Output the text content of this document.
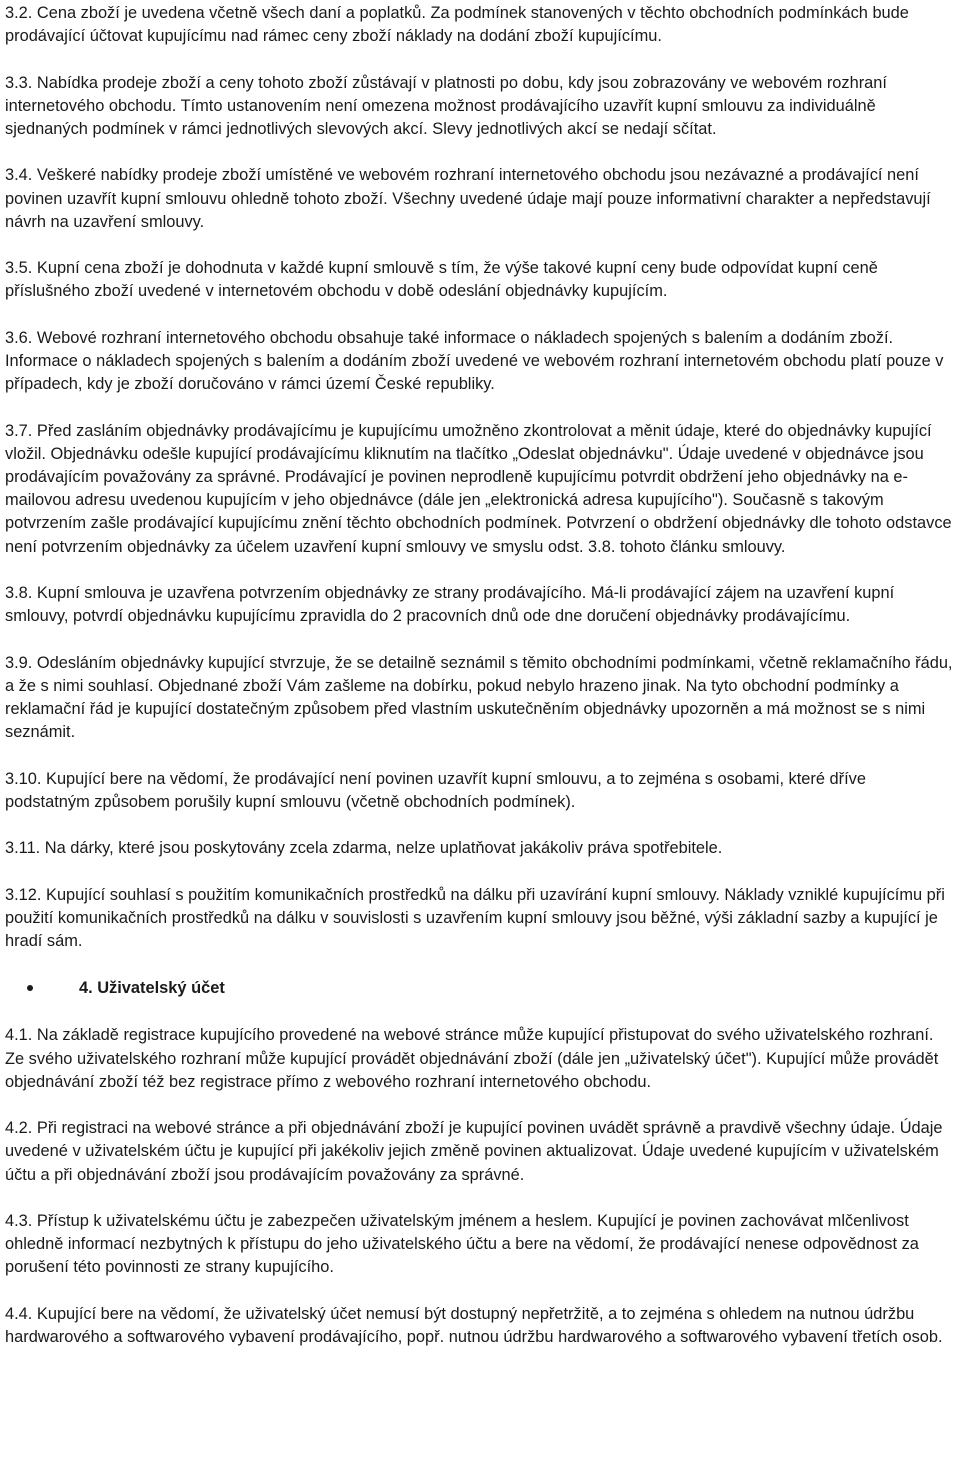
3.2. Cena zboží je uvedena včetně všech daní a poplatků. Za podmínek stanovených v těchto obchodních podmínkách bude prodávající účtovat kupujícímu nad rámec ceny zboží náklady na dodání zboží kupujícímu.

3.3. Nabídka prodeje zboží a ceny tohoto zboží zůstávají v platnosti po dobu, kdy jsou zobrazovány ve webovém rozhraní internetového obchodu. Tímto ustanovením není omezena možnost prodávajícího uzavřít kupní smlouvu za individuálně sjednaných podmínek v rámci jednotlivých slevových akcí. Slevy jednotlivých akcí se nedají sčítat.

3.4. Veškeré nabídky prodeje zboží umístěné ve webovém rozhraní internetového obchodu jsou nezávazné a prodávající není povinen uzavřít kupní smlouvu ohledně tohoto zboží. Všechny uvedené údaje mají pouze informativní charakter a nepředstavují návrh na uzavření smlouvy.

3.5. Kupní cena zboží je dohodnuta v každé kupní smlouvě s tím, že výše takové kupní ceny bude odpovídat kupní ceně příslušného zboží uvedené v internetovém obchodu v době odeslání objednávky kupujícím.

3.6. Webové rozhraní internetového obchodu obsahuje také informace o nákladech spojených s balením a dodáním zboží. Informace o nákladech spojených s balením a dodáním zboží uvedené ve webovém rozhraní internetovém obchodu platí pouze v případech, kdy je zboží doručováno v rámci území České republiky.

3.7. Před zasláním objednávky prodávajícímu je kupujícímu umožněno zkontrolovat a měnit údaje, které do objednávky kupující vložil. Objednávku odešle kupující prodávajícímu kliknutím na tlačítko „Odeslat objednávku". Údaje uvedené v objednávce jsou prodávajícím považovány za správné. Prodávající je povinen neprodleně kupujícímu potvrdit obdržení jeho objednávky na e-mailovou adresu uvedenou kupujícím v jeho objednávce (dále jen „elektronická adresa kupujícího"). Současně s takovým potvrzením zašle prodávající kupujícímu znění těchto obchodních podmínek. Potvrzení o obdržení objednávky dle tohoto odstavce není potvrzením objednávky za účelem uzavření kupní smlouvy ve smyslu odst. 3.8. tohoto článku smlouvy.

3.8. Kupní smlouva je uzavřena potvrzením objednávky ze strany prodávajícího. Má-li prodávající zájem na uzavření kupní smlouvy, potvrdí objednávku kupujícímu zpravidla do 2 pracovních dnů ode dne doručení objednávky prodávajícímu.

3.9. Odesláním objednávky kupující stvrzuje, že se detailně seznámil s těmito obchodními podmínkami, včetně reklamačního řádu, a že s nimi souhlasí. Objednané zboží Vám zašleme na dobírku, pokud nebylo hrazeno jinak. Na tyto obchodní podmínky a reklamační řád je kupující dostatečným způsobem před vlastním uskutečněním objednávky upozorněn a má možnost se s nimi seznámit.

3.10. Kupující bere na vědomí, že prodávající není povinen uzavřít kupní smlouvu, a to zejména s osobami, které dříve podstatným způsobem porušily kupní smlouvu (včetně obchodních podmínek).

3.11. Na dárky, které jsou poskytovány zcela zdarma, nelze uplatňovat jakákoliv práva spotřebitele.

3.12. Kupující souhlasí s použitím komunikačních prostředků na dálku při uzavírání kupní smlouvy. Náklady vzniklé kupujícímu při použití komunikačních prostředků na dálku v souvislosti s uzavřením kupní smlouvy jsou běžné, výši základní sazby a kupující je hradí sám.

4. Uživatelský účet

4.1. Na základě registrace kupujícího provedené na webové stránce může kupující přistupovat do svého uživatelského rozhraní. Ze svého uživatelského rozhraní může kupující provádět objednávání zboží (dále jen „uživatelský účet"). Kupující může provádět objednávání zboží též bez registrace přímo z webového rozhraní internetového obchodu.

4.2. Při registraci na webové stránce a při objednávání zboží je kupující povinen uvádět správně a pravdivě všechny údaje. Údaje uvedené v uživatelském účtu je kupující při jakékoliv jejich změně povinen aktualizovat. Údaje uvedené kupujícím v uživatelském účtu a při objednávání zboží jsou prodávajícím považovány za správné.

4.3. Přístup k uživatelskému účtu je zabezpečen uživatelským jménem a heslem. Kupující je povinen zachovávat mlčenlivost ohledně informací nezbytných k přístupu do jeho uživatelského účtu a bere na vědomí, že prodávající nenese odpovědnost za porušení této povinnosti ze strany kupujícího.

4.4. Kupující bere na vědomí, že uživatelský účet nemusí být dostupný nepřetržitě, a to zejména s ohledem na nutnou údržbu hardwarového a softwarového vybavení prodávajícího, popř. nutnou údržbu hardwarového a softwarového vybavení třetích osob.
